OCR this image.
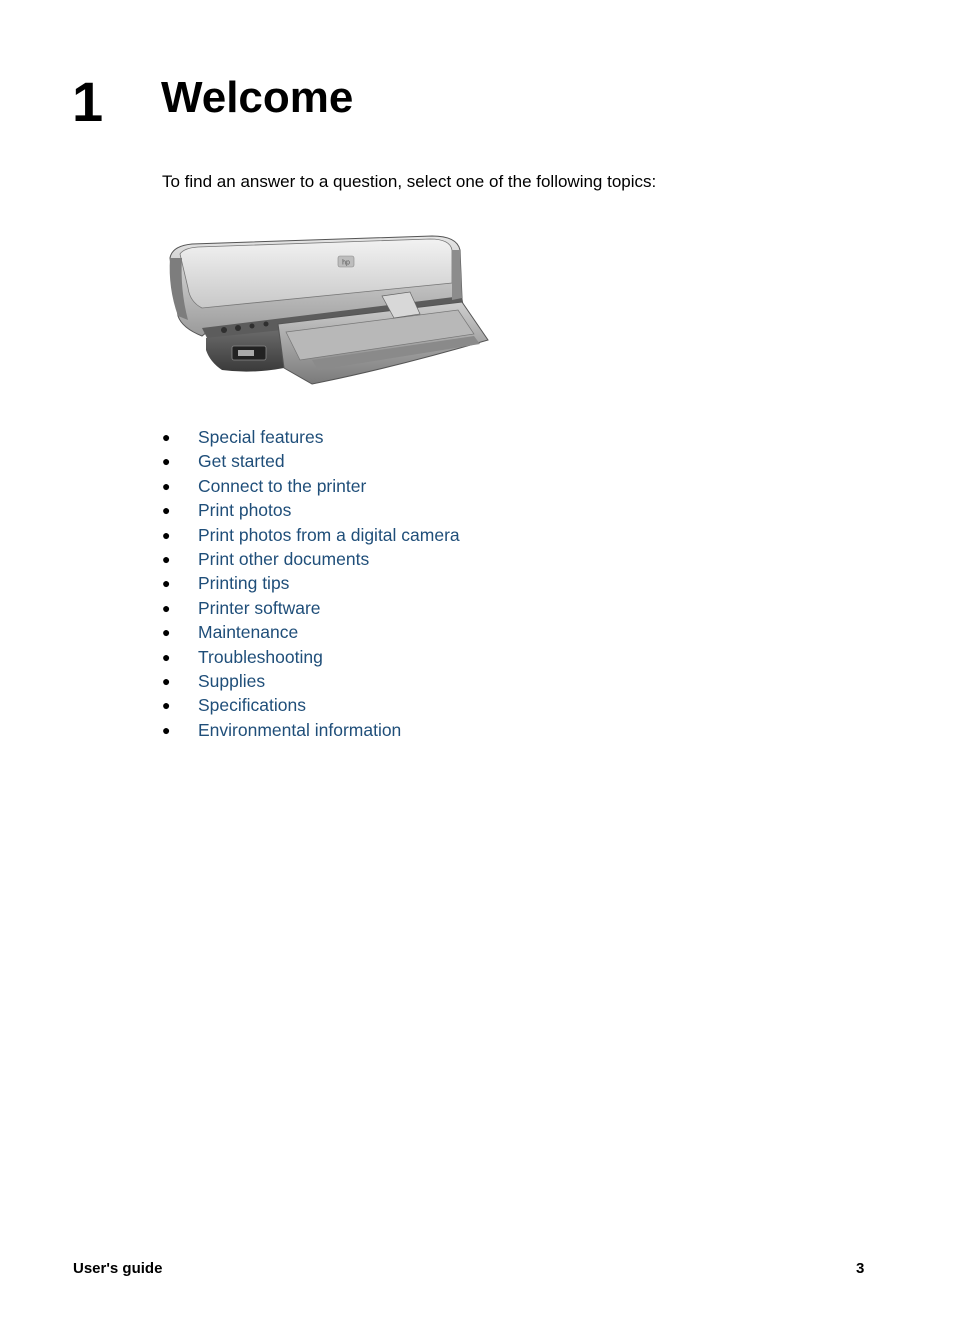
1 Welcome
To find an answer to a question, select one of the following topics:
hp
● Special features
● Get started
● Connect to the printer
● Print photos
● Print photos from a digital camera
● Print other documents
● Printing tips
● Printer software
● Maintenance
● Troubleshooting
● Supplies
● Specifications
● Environmental information
User's guide	3
